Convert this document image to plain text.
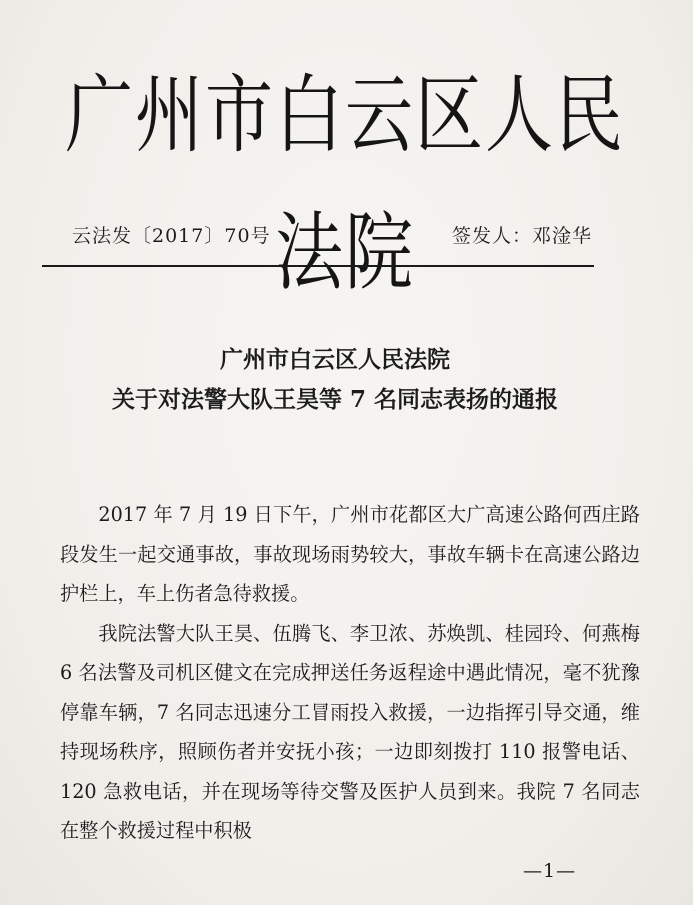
广州市白云区人民法院
云法发〔2017〕70号	签发人：邓淦华
广州市白云区人民法院
关于对法警大队王昊等 7 名同志表扬的通报

2017 年 7 月 19 日下午，广州市花都区大广高速公路何西庄路段发生一起交通事故，事故现场雨势较大，事故车辆卡在高速公路边护栏上，车上伤者急待救援。

我院法警大队王昊、伍腾飞、李卫浓、苏焕凯、桂园玲、何燕梅 6 名法警及司机区健文在完成押送任务返程途中遇此情况，毫不犹豫停靠车辆，7 名同志迅速分工冒雨投入救援，一边指挥引导交通，维持现场秩序，照顾伤者并安抚小孩；一边即刻拨打 110 报警电话、120 急救电话，并在现场等待交警及医护人员到来。我院 7 名同志在整个救援过程中积极

—1—
